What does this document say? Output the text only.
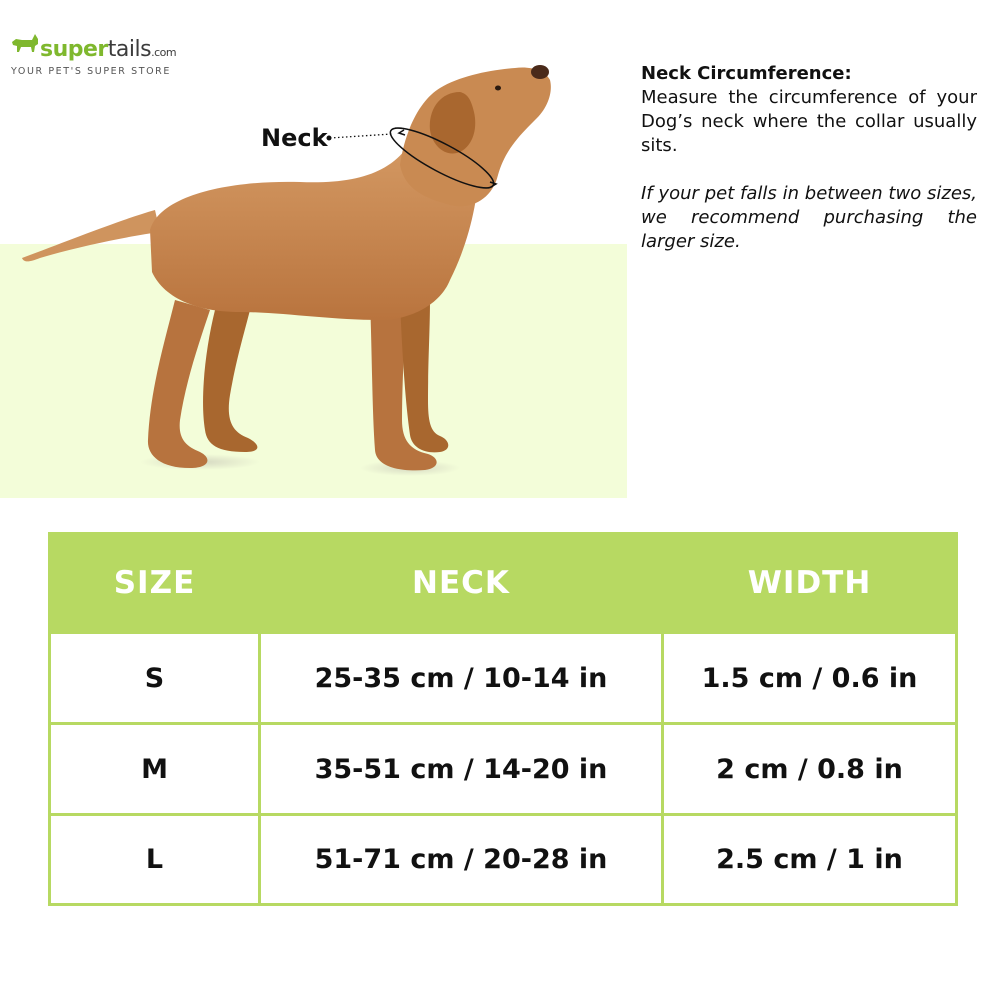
supertails.com
YOUR PET'S SUPER STORE
Neck
Neck Circumference:
Measure the circumference of your Dog’s neck where the collar usually sits.
If your pet falls in between two sizes, we recommend purchasing the larger size.
SIZE	NECK	WIDTH
S	25-35 cm / 10-14 in	1.5 cm / 0.6 in
M	35-51 cm / 14-20 in	2 cm / 0.8 in
L	51-71 cm / 20-28 in	2.5 cm / 1 in
